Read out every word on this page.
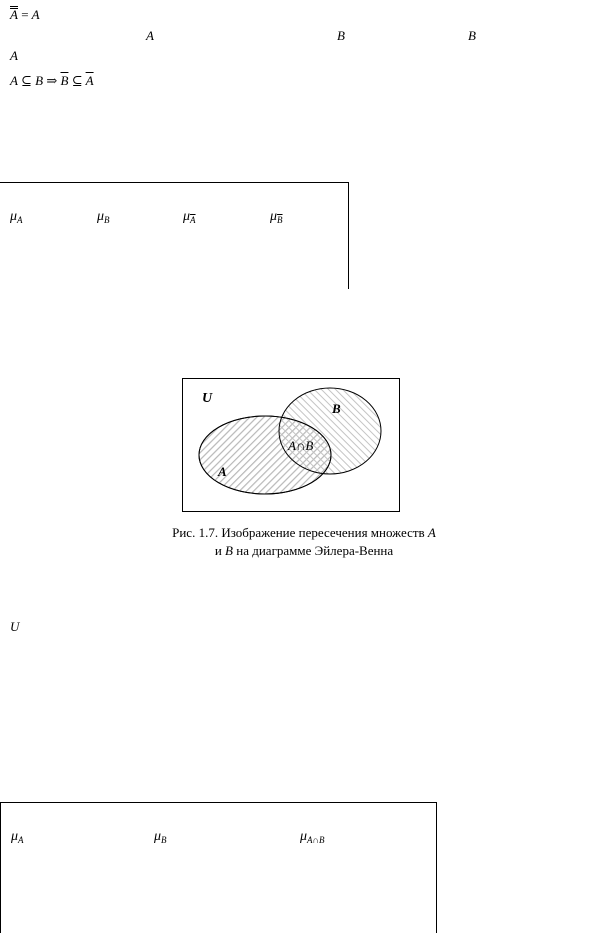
A = A
A	B	B
A
A ⊆ B ⇒ $\overline{B}$ ⊆ $\overline{A}$
$\mu_A$	$\mu_B$	$\mu_{\overline{A}}$	$\mu_{\overline{B}}$
U
B
A
A∩B
Рис. 1.7. Изображение пересечения множеств A
и B на диаграмме Эйлера-Венна
U
$\mu_A$	$\mu_B$	$\mu_{A\cap B}$
